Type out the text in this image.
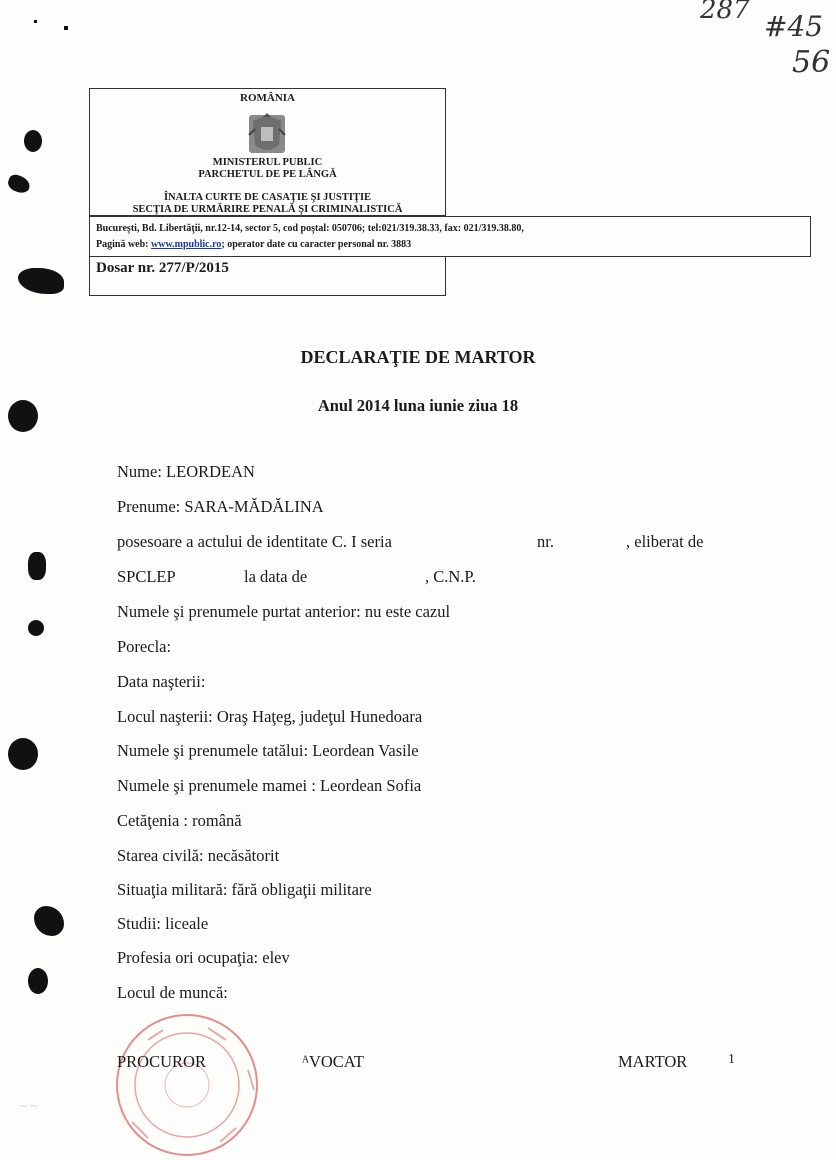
287 #45
56
ROMÂNIA
MINISTERUL PUBLIC
PARCHETUL DE PE LÂNGĂ
ÎNALTA CURTE DE CASAŢIE ŞI JUSTIŢIE
SECŢIA DE URMĂRIRE PENALĂ ŞI CRIMINALISTICĂ
Bucureşti, Bd. Libertăţii, nr.12-14, sector 5, cod poştal: 050706; tel:021/319.38.33, fax: 021/319.38.80,
Pagină web: www.mpublic.ro; operator date cu caracter personal nr. 3883
Dosar nr. 277/P/2015
DECLARAŢIE DE MARTOR
Anul 2014 luna iunie ziua 18
Nume: LEORDEAN
Prenume: SARA-MĂDĂLINA
posesoare a actului de identitate C. I seria	nr.	, eliberat de
SPCLEP	la data de	, C.N.P.
Numele şi prenumele purtat anterior: nu este cazul
Porecla:
Data naşterii:
Locul naşterii: Oraş Haţeg, judeţul Hunedoara
Numele şi prenumele tatălui: Leordean Vasile
Numele şi prenumele mamei : Leordean Sofia
Cetăţenia : română
Starea civilă: necăsătorit
Situaţia militară: fără obligaţii militare
Studii: liceale
Profesia ori ocupaţia: elev
Locul de muncă:
~ ~
PROCUROR	ᴬVOCAT	MARTOR	1
